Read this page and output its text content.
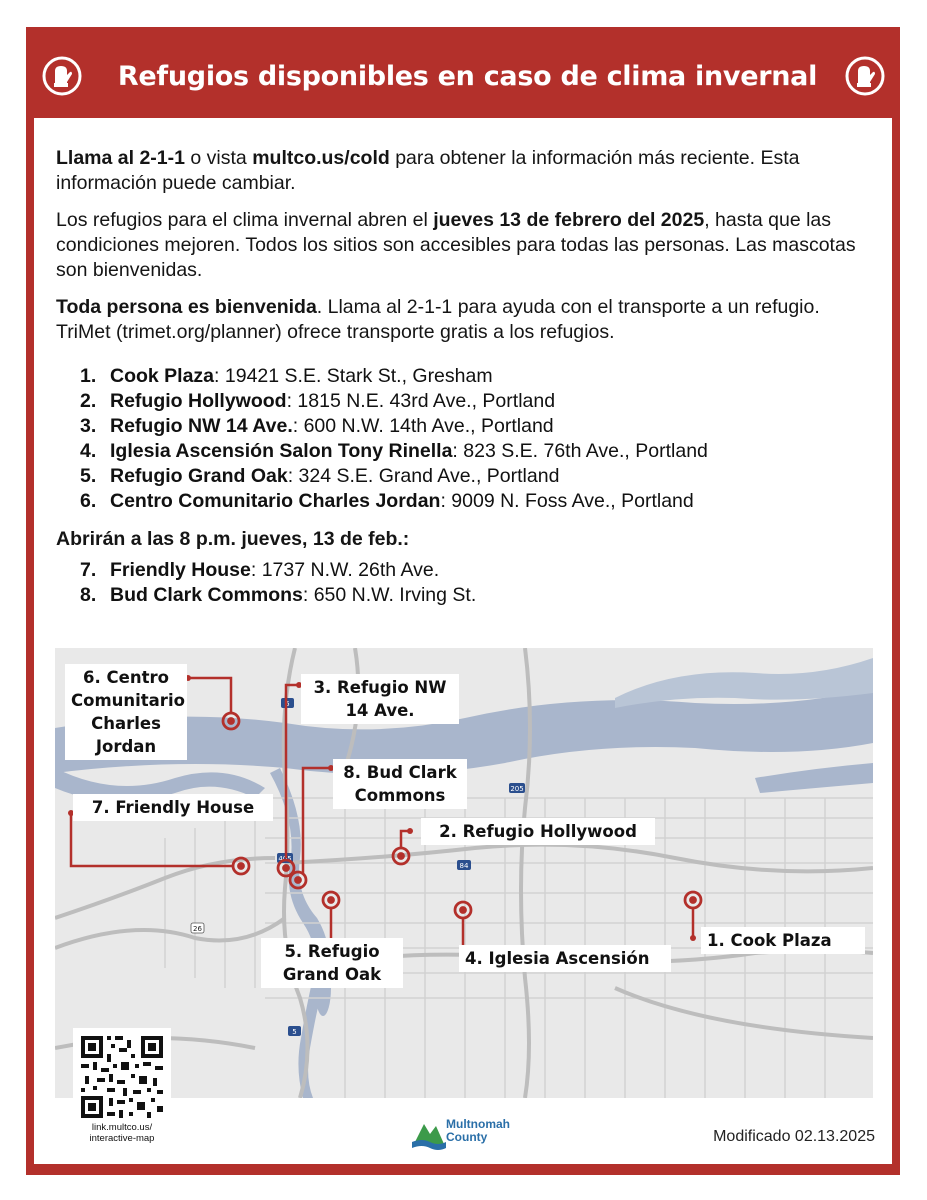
Refugios disponibles en caso de clima invernal
Llama al 2-1-1 o vista multco.us/cold para obtener la información más reciente. Esta información puede cambiar.
Los refugios para el clima invernal abren el jueves 13 de febrero del 2025, hasta que las condiciones mejoren. Todos los sitios son accesibles para todas las personas. Las mascotas son bienvenidas.
Toda persona es bienvenida. Llama al 2-1-1 para ayuda con el transporte a un refugio. TriMet (trimet.org/planner) ofrece transporte gratis a los refugios.
1. Cook Plaza: 19421 S.E. Stark St., Gresham
2. Refugio Hollywood: 1815 N.E. 43rd Ave., Portland
3. Refugio NW 14 Ave.: 600 N.W. 14th Ave., Portland
4. Iglesia Ascensión Salon Tony Rinella: 823 S.E. 76th Ave., Portland
5. Refugio Grand Oak: 324 S.E. Grand Ave., Portland
6. Centro Comunitario Charles Jordan: 9009 N. Foss Ave., Portland
Abrirán a las 8 p.m. jueves, 13 de feb.:
7. Friendly House: 1737 N.W. 26th Ave.
8. Bud Clark Commons: 650 N.W. Irving St.
5
405
84
205
26
5
6. Centro
Comunitario
Charles
Jordan
3. Refugio NW
14 Ave.
8. Bud Clark
Commons
7. Friendly House
2. Refugio Hollywood
5. Refugio
Grand Oak
4. Iglesia Ascensión
1. Cook Plaza
link.multco.us/
interactive-map
Multnomah
County	Modificado 02.13.2025
